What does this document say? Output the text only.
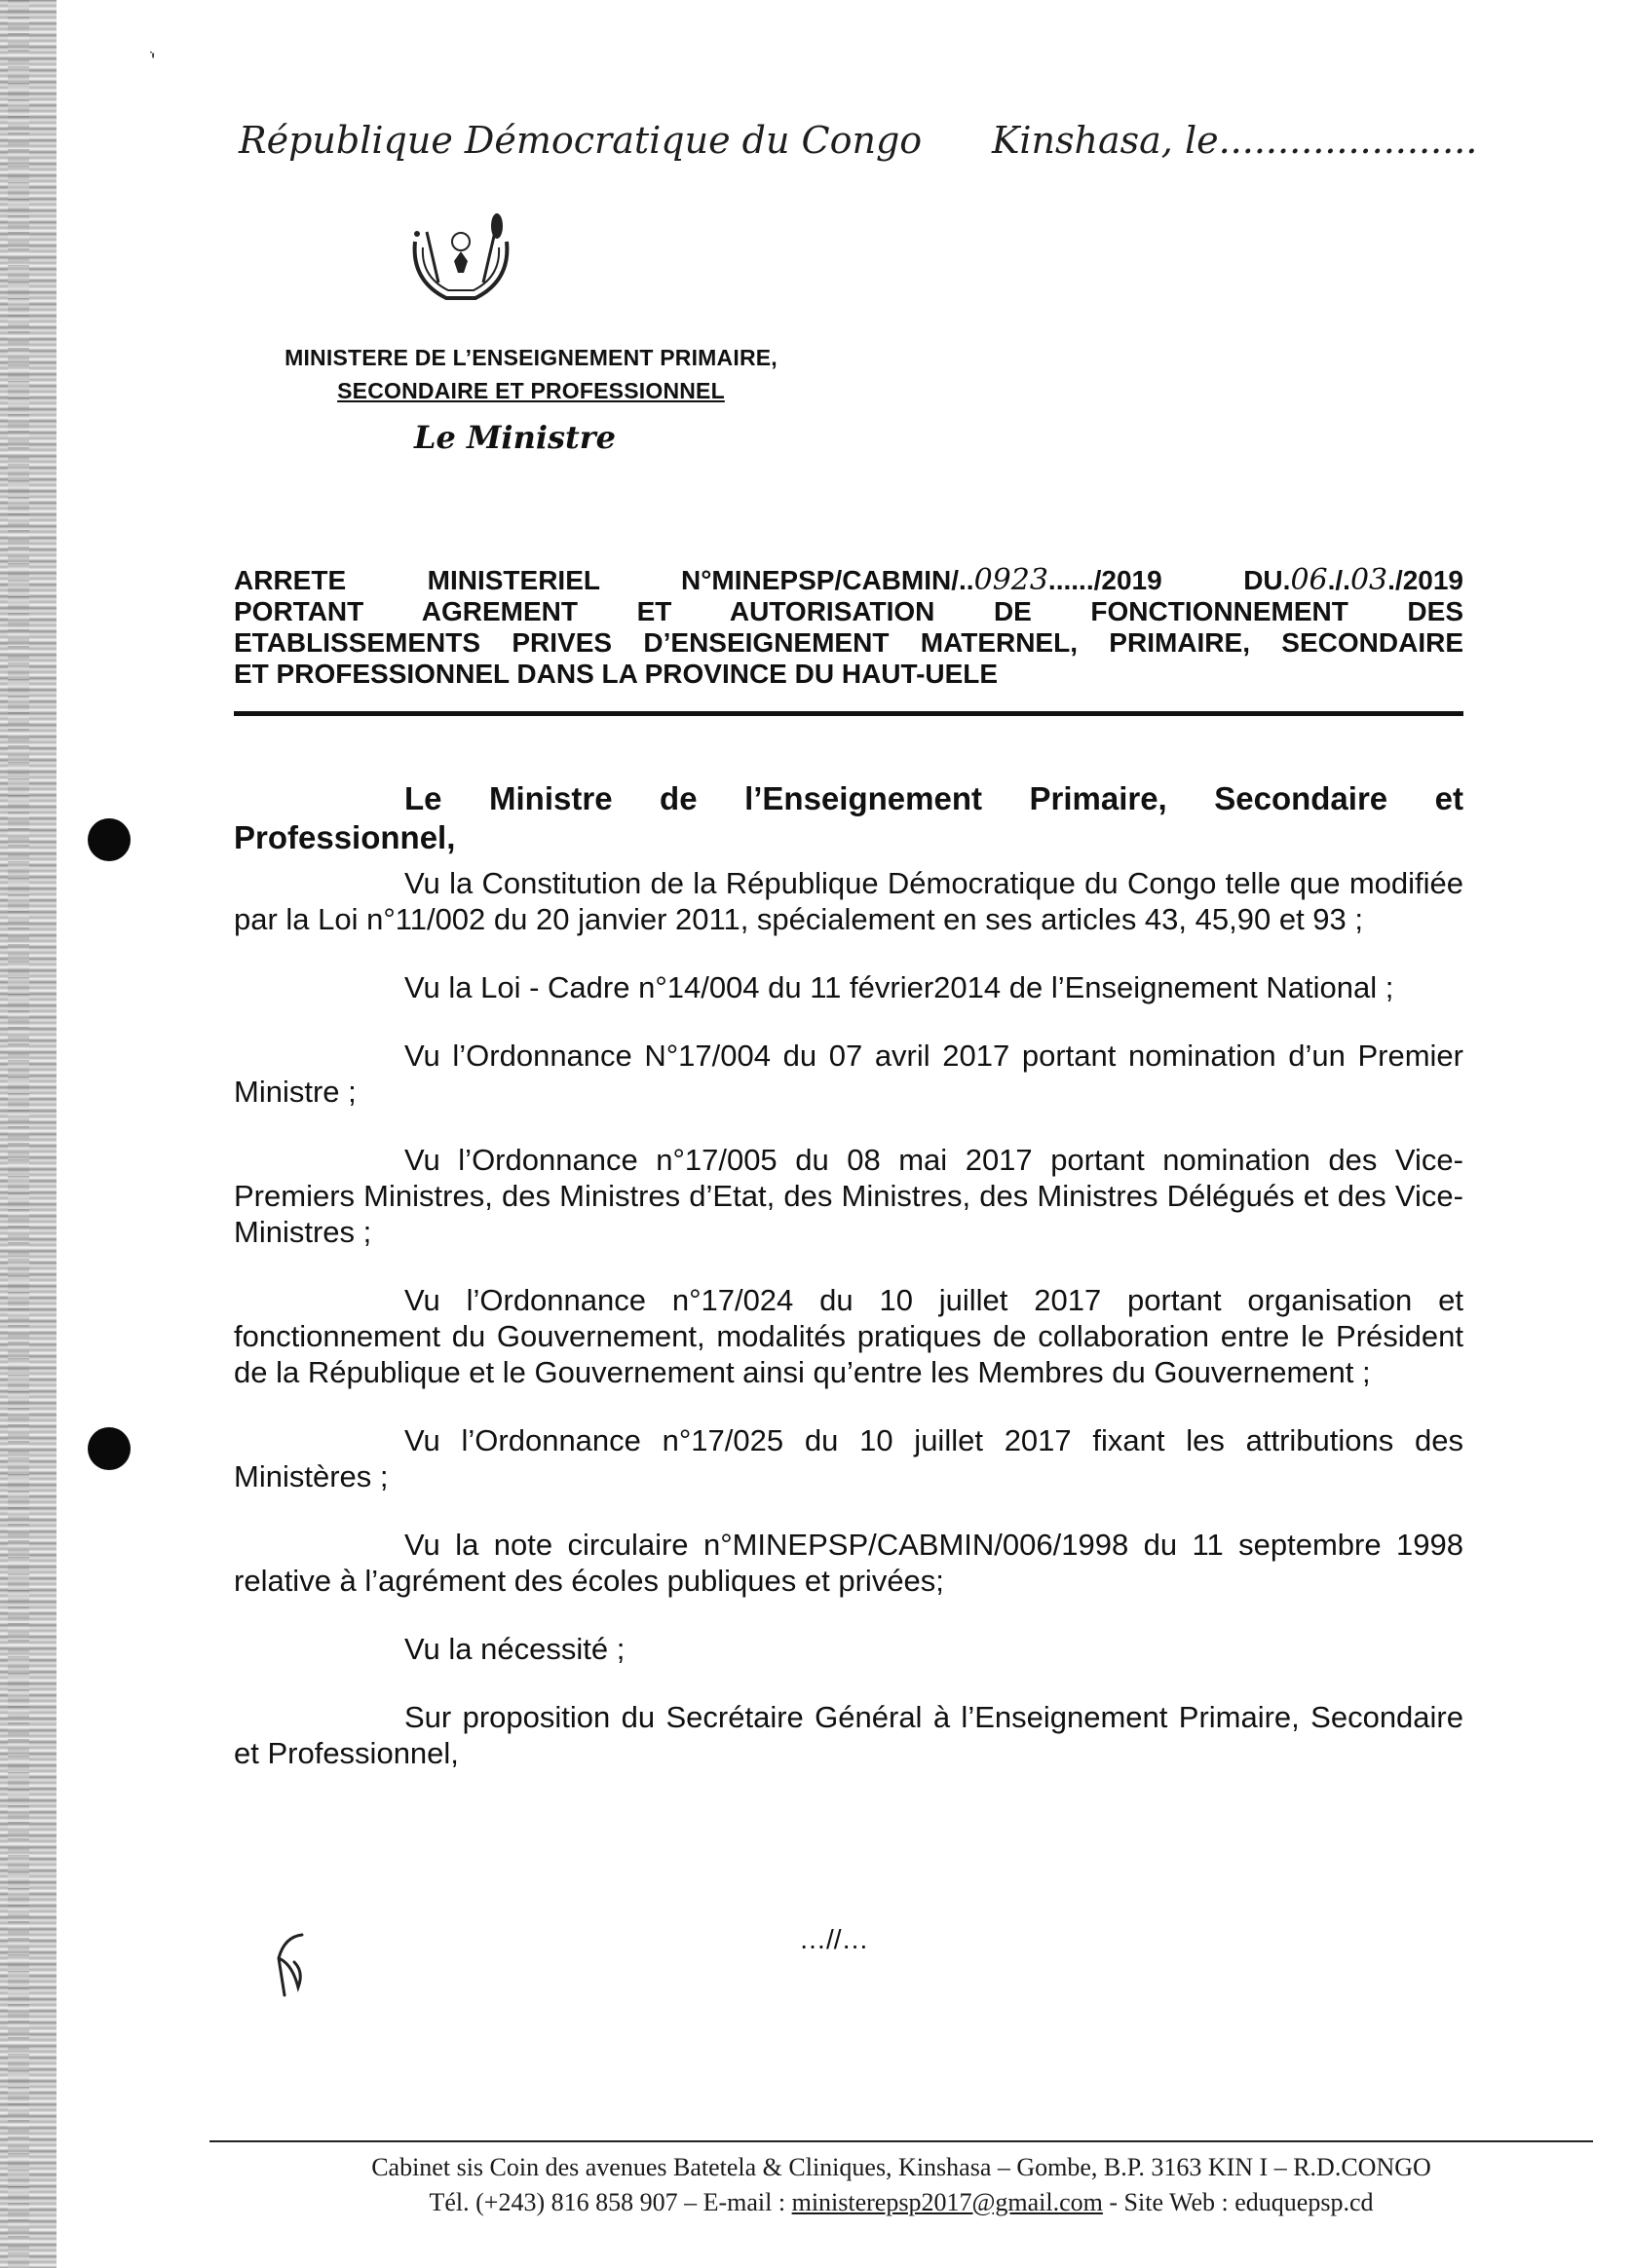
ׁ'
République Démocratique du Congo Kinshasa, le......................
MINISTERE DE L’ENSEIGNEMENT PRIMAIRE,
SECONDAIRE ET PROFESSIONNEL
Le Ministre
ARRETE MINISTERIEL N°MINEPSP/CABMIN/..0923....../2019 DU.06./.03./2019
PORTANT AGREMENT ET AUTORISATION DE FONCTIONNEMENT DES
ETABLISSEMENTS PRIVES D’ENSEIGNEMENT MATERNEL, PRIMAIRE, SECONDAIRE
ET PROFESSIONNEL DANS LA PROVINCE DU HAUT-UELE

Le Ministre de l’Enseignement Primaire, Secondaire et Professionnel,

Vu la Constitution de la République Démocratique du Congo telle que modifiée par la Loi n°11/002 du 20 janvier 2011, spécialement en ses articles 43, 45,90 et 93 ;

Vu la Loi - Cadre n°14/004 du 11 février2014 de l’Enseignement National ;

Vu l’Ordonnance N°17/004 du 07 avril 2017 portant nomination d’un Premier Ministre ;

Vu l’Ordonnance n°17/005 du 08 mai 2017 portant nomination des Vice-Premiers Ministres, des Ministres d’Etat, des Ministres, des Ministres Délégués et des Vice-Ministres ;

Vu l’Ordonnance n°17/024 du 10 juillet 2017 portant organisation et fonctionnement du Gouvernement, modalités pratiques de collaboration entre le Président de la République et le Gouvernement ainsi qu’entre les Membres du Gouvernement ;

Vu l’Ordonnance n°17/025 du 10 juillet 2017 fixant les attributions des Ministères ;

Vu la note circulaire n°MINEPSP/CABMIN/006/1998 du 11 septembre 1998 relative à l’agrément des écoles publiques et privées;

Vu la nécessité ;

Sur proposition du Secrétaire Général à l’Enseignement Primaire, Secondaire et Professionnel,

…//…
Cabinet sis Coin des avenues Batetela & Cliniques, Kinshasa – Gombe, B.P. 3163 KIN I – R.D.CONGO
Tél. (+243) 816 858 907 – E-mail : ministerepsp2017@gmail.com - Site Web : eduquepsp.cd
